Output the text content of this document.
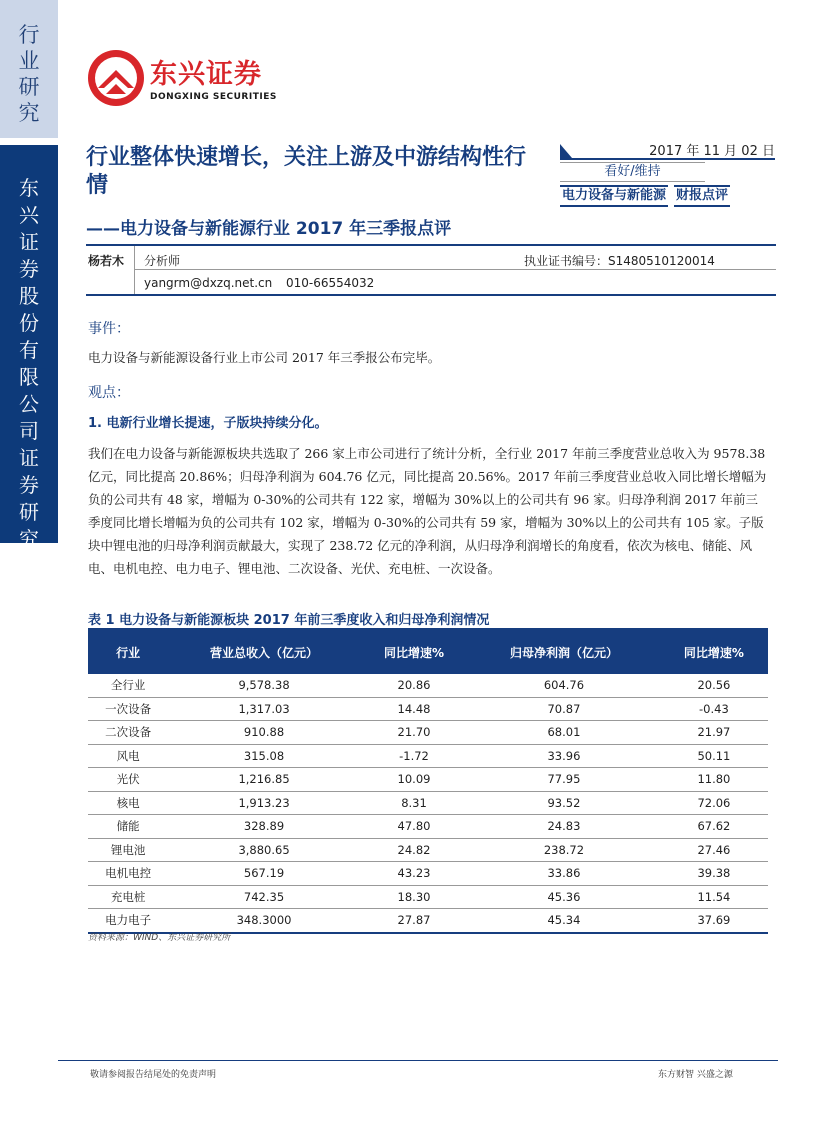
行业研究
东兴证券股份有限公司证券研究报告
东兴证券
DONGXING SECURITIES
行业整体快速增长，关注上游及中游结构性行情
——电力设备与新能源行业 2017 年三季报点评
2017 年 11 月 02 日
看好/维持
电力设备与新能源 财报点评
杨若木 分析师	执业证书编号：S1480510120014
yangrm@dxzq.net.cn 010-66554032
事件：
电力设备与新能源设备行业上市公司 2017 年三季报公布完毕。
观点：
1. 电新行业增长提速，子版块持续分化。
我们在电力设备与新能源板块共选取了 266 家上市公司进行了统计分析，全行业 2017 年前三季度营业总收入为 9578.38 亿元，同比提高 20.86%；归母净利润为 604.76 亿元，同比提高 20.56%。2017 年前三季度营业总收入同比增长增幅为负的公司共有 48 家，增幅为 0-30%的公司共有 122 家，增幅为 30%以上的公司共有 96 家。归母净利润 2017 年前三季度同比增长增幅为负的公司共有 102 家，增幅为 0-30%的公司共有 59 家，增幅为 30%以上的公司共有 105 家。子版块中锂电池的归母净利润贡献最大，实现了 238.72 亿元的净利润，从归母净利润增长的角度看，依次为核电、储能、风电、电机电控、电力电子、锂电池、二次设备、光伏、充电桩、一次设备。
表 1 电力设备与新能源板块 2017 年前三季度收入和归母净利润情况
行业	营业总收入（亿元）	同比增速%	归母净利润（亿元）	同比增速%
全行业	9,578.38	20.86	604.76	20.56
一次设备	1,317.03	14.48	70.87	-0.43
二次设备	910.88	21.70	68.01	21.97
风电	315.08	-1.72	33.96	50.11
光伏	1,216.85	10.09	77.95	11.80
核电	1,913.23	8.31	93.52	72.06
储能	328.89	47.80	24.83	67.62
锂电池	3,880.65	24.82	238.72	27.46
电机电控	567.19	43.23	33.86	39.38
充电桩	742.35	18.30	45.36	11.54
电力电子	348.3000	27.87	45.34	37.69
资料来源：WIND、东兴证券研究所
敬请参阅报告结尾处的免责声明	东方财智 兴盛之源
